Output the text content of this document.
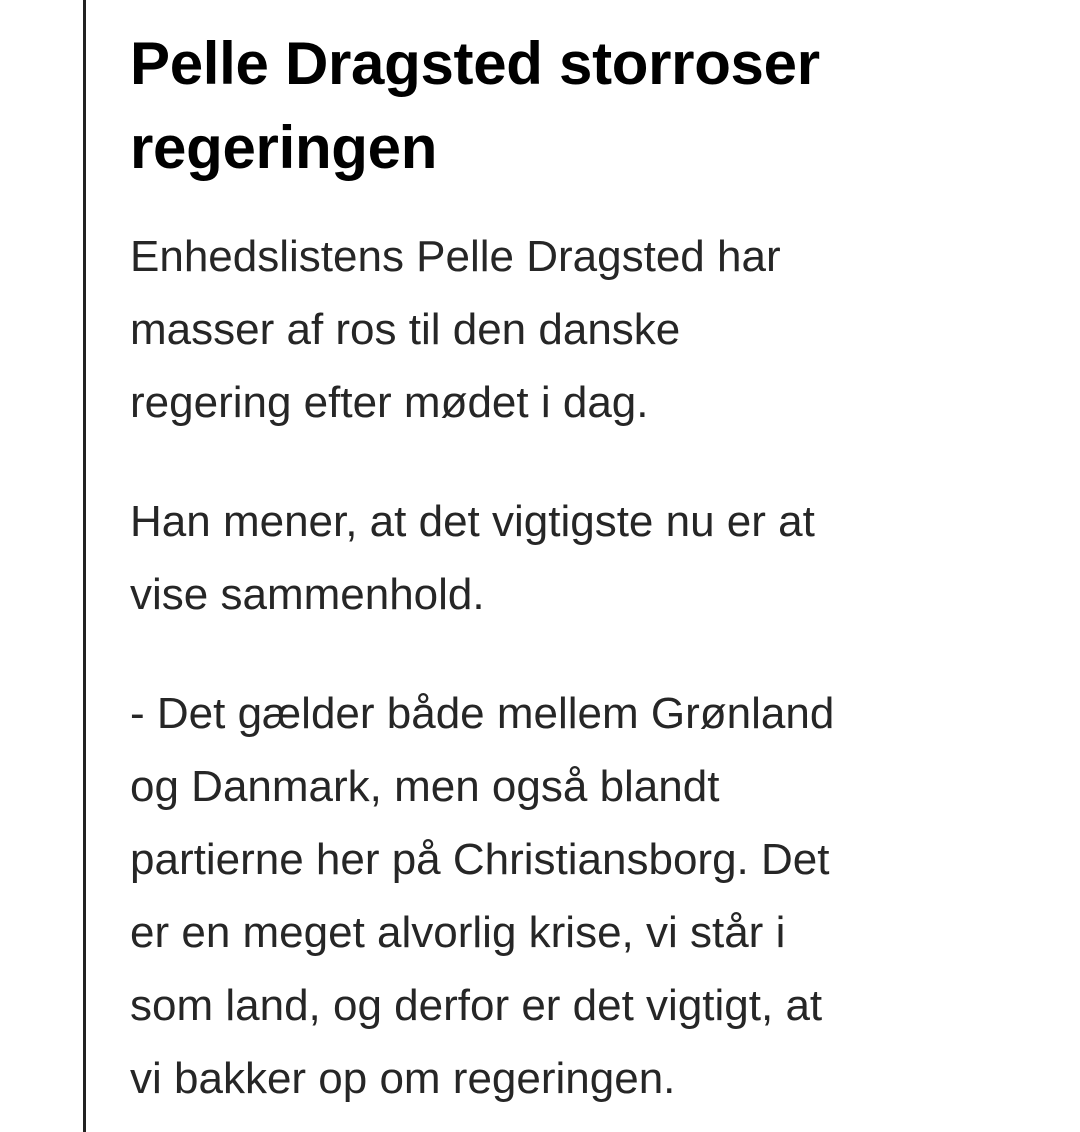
Pelle Dragsted storroser
regeringen

Enhedslistens Pelle Dragsted har
masser af ros til den danske
regering efter mødet i dag.

Han mener, at det vigtigste nu er at
vise sammenhold.

- Det gælder både mellem Grønland
og Danmark, men også blandt
partierne her på Christiansborg. Det
er en meget alvorlig krise, vi står i
som land, og derfor er det vigtigt, at
vi bakker op om regeringen.
